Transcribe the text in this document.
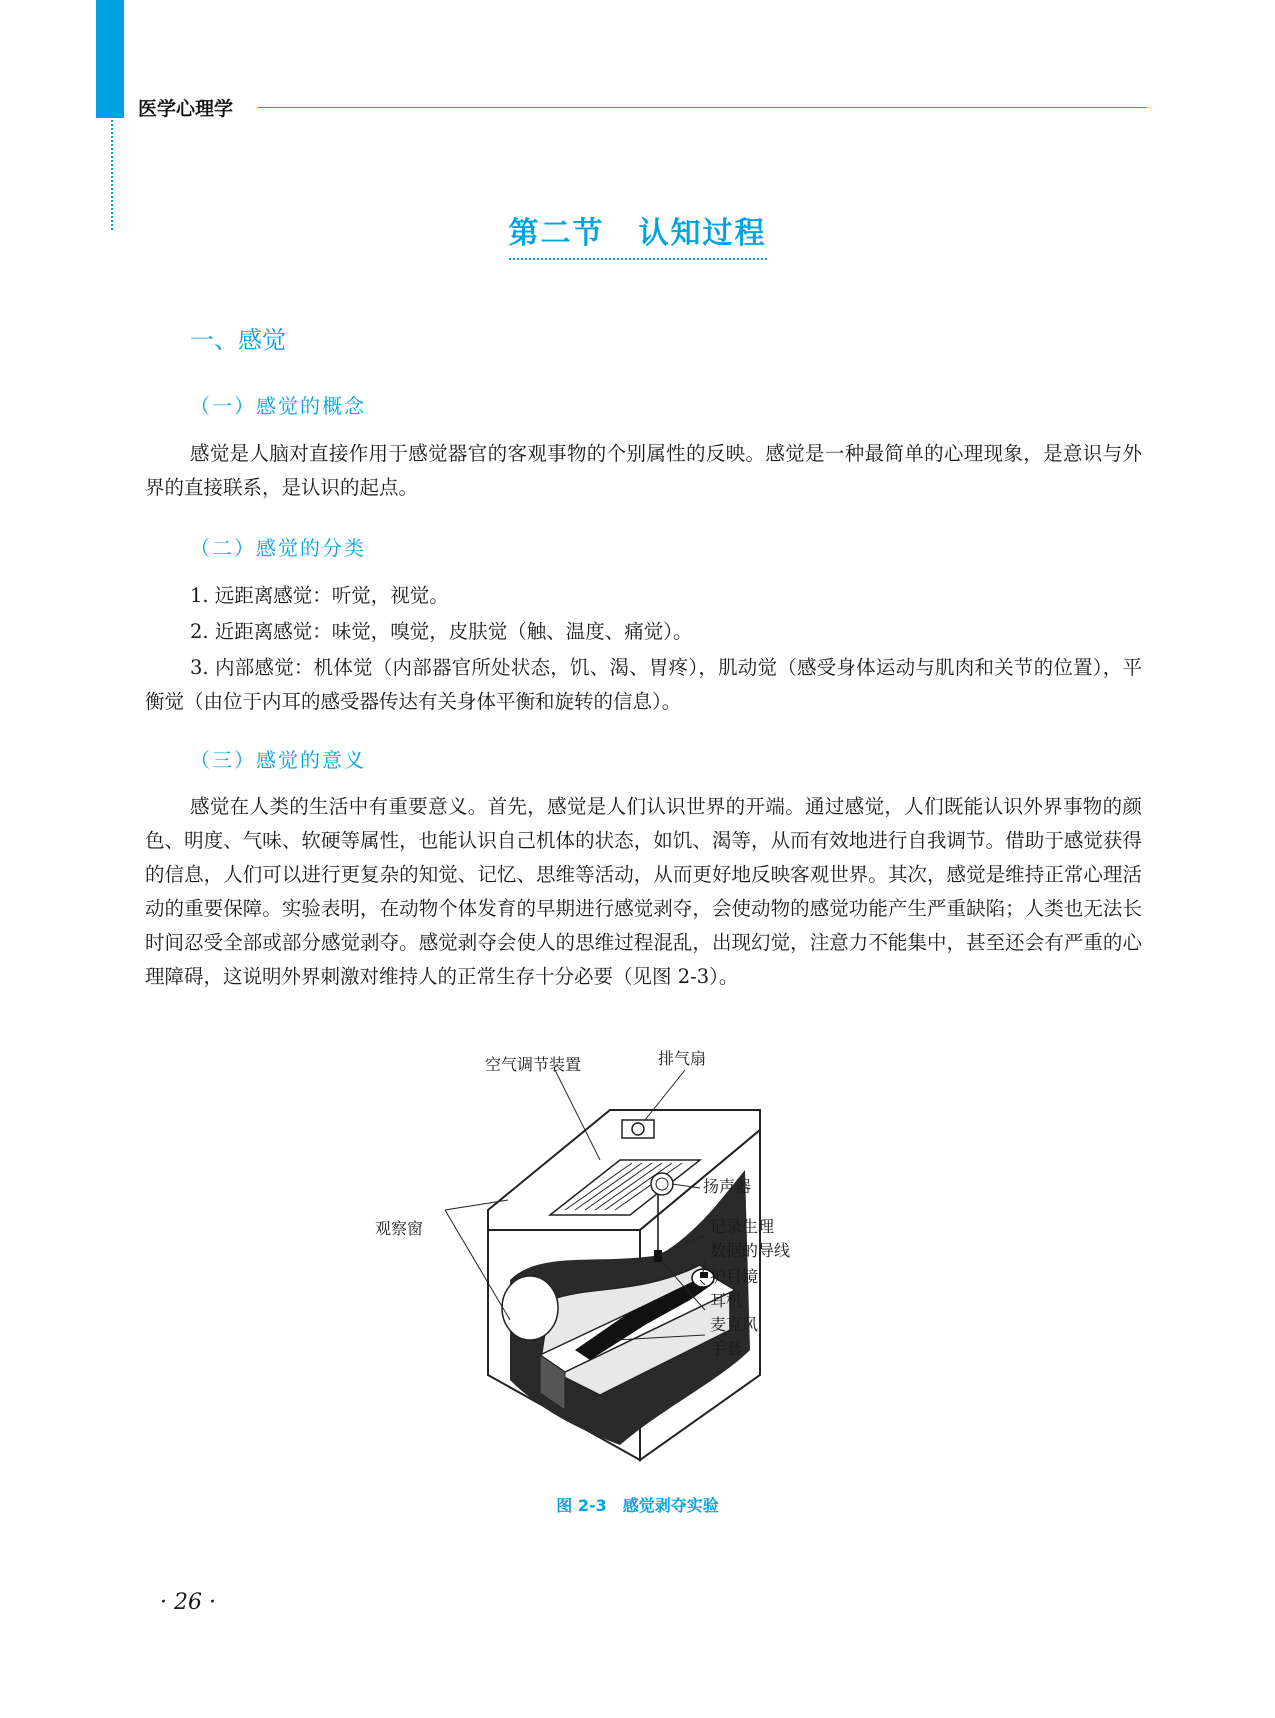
医学心理学
第二节 认知过程
一、感觉
（一）感觉的概念

感觉是人脑对直接作用于感觉器官的客观事物的个别属性的反映。感觉是一种最简单的心理现象，是意识与外界的直接联系，是认识的起点。

（二）感觉的分类

1. 远距离感觉：听觉，视觉。

2. 近距离感觉：味觉，嗅觉，皮肤觉（触、温度、痛觉）。

3. 内部感觉：机体觉（内部器官所处状态，饥、渴、胃疼），肌动觉（感受身体运动与肌肉和关节的位置），平衡觉（由位于内耳的感受器传达有关身体平衡和旋转的信息）。

（三）感觉的意义

感觉在人类的生活中有重要意义。首先，感觉是人们认识世界的开端。通过感觉，人们既能认识外界事物的颜色、明度、气味、软硬等属性，也能认识自己机体的状态，如饥、渴等，从而有效地进行自我调节。借助于感觉获得的信息，人们可以进行更复杂的知觉、记忆、思维等活动，从而更好地反映客观世界。其次，感觉是维持正常心理活动的重要保障。实验表明，在动物个体发育的早期进行感觉剥夺，会使动物的感觉功能产生严重缺陷；人类也无法长时间忍受全部或部分感觉剥夺。感觉剥夺会使人的思维过程混乱，出现幻觉，注意力不能集中，甚至还会有严重的心理障碍，这说明外界刺激对维持人的正常生存十分必要（见图 2-3）。

空气调节装置	排气扇
扬声器
观察窗	记录生理
数据的导线
护目镜
耳机
麦克风
手套
图 2-3　感觉剥夺实验
· 26 ·
